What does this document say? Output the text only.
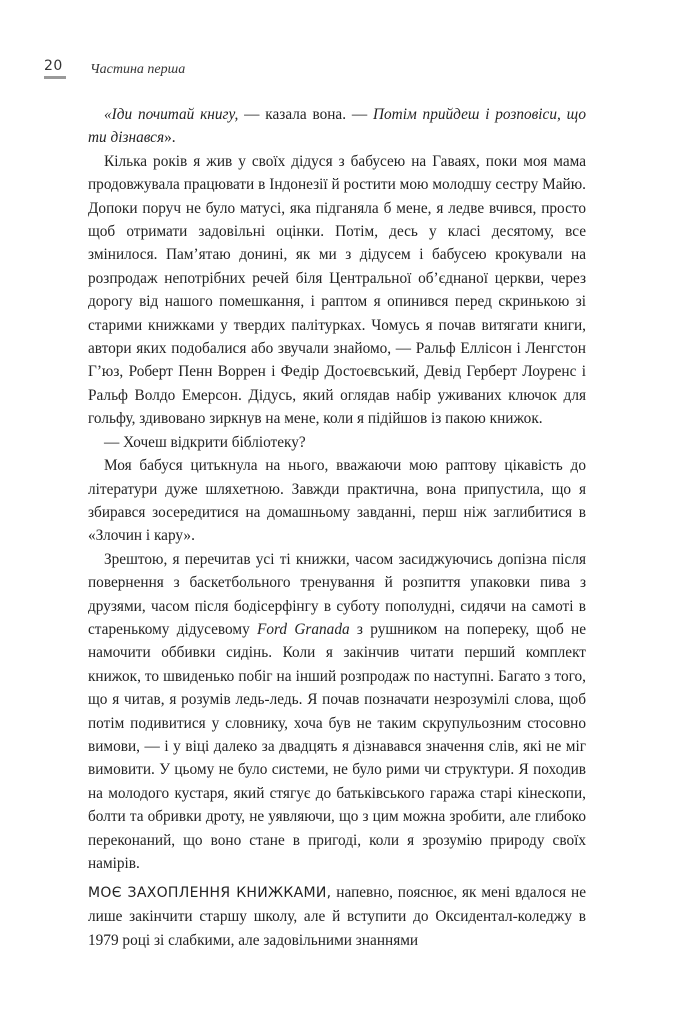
20 Частина перша

«Іди почитай книгу, — казала вона. — Потім прийдеш і розповіси, що ти дізнався».

Кілька років я жив у своїх дідуся з бабусею на Гаваях, поки моя мама продовжувала працювати в Індонезії й ростити мою молодшу сестру Майю. Допоки поруч не було матусі, яка підганяла б мене, я ледве вчився, просто щоб отримати задовільні оцінки. Потім, десь у класі десятому, все змінилося. Пам’ятаю донині, як ми з дідусем і бабусею крокували на розпродаж непотрібних речей біля Центральної об’єднаної церкви, через дорогу від нашого помешкання, і раптом я опинився перед скринькою зі старими книжками у твердих палітурках. Чомусь я почав витягати книги, автори яких подобалися або звучали знайомо, — Ральф Еллісон і Ленгстон Г’юз, Роберт Пенн Воррен і Федір Достоєвський, Девід Герберт Лоуренс і Ральф Волдо Емерсон. Дідусь, який оглядав набір уживаних ключок для гольфу, здивовано зиркнув на мене, коли я підійшов із пакою книжок.

— Хочеш відкрити бібліотеку?

Моя бабуся цитькнула на нього, вважаючи мою раптову цікавість до літератури дуже шляхетною. Завжди практична, вона припустила, що я збирався зосередитися на домашньому завданні, перш ніж заглибитися в «Злочин і кару».

Зрештою, я перечитав усі ті книжки, часом засиджуючись допізна після повернення з баскетбольного тренування й розпиття упаковки пива з друзями, часом після бодісерфінгу в суботу пополудні, сидячи на самоті в старенькому дідусевому Ford Granada з рушником на попереку, щоб не намочити оббивки сидінь. Коли я закінчив читати перший комплект книжок, то швиденько побіг на інший розпродаж по наступні. Багато з того, що я читав, я розумів ледь-ледь. Я почав позначати незрозумілі слова, щоб потім подивитися у словнику, хоча був не таким скрупульозним стосовно вимови, — і у віці далеко за двадцять я дізнавався значення слів, які не міг вимовити. У цьому не було системи, не було рими чи структури. Я походив на молодого кустаря, який стягує до батьківського гаража старі кінескопи, болти та обривки дроту, не уявляючи, що з цим можна зробити, але глибоко переконаний, що воно стане в пригоді, коли я зрозумію природу своїх намірів.

МОЄ ЗАХОПЛЕННЯ КНИЖКАМИ, напевно, пояснює, як мені вдалося не лише закінчити старшу школу, але й вступити до Оксидентал-коледжу в 1979 році зі слабкими, але задовільними знаннями
